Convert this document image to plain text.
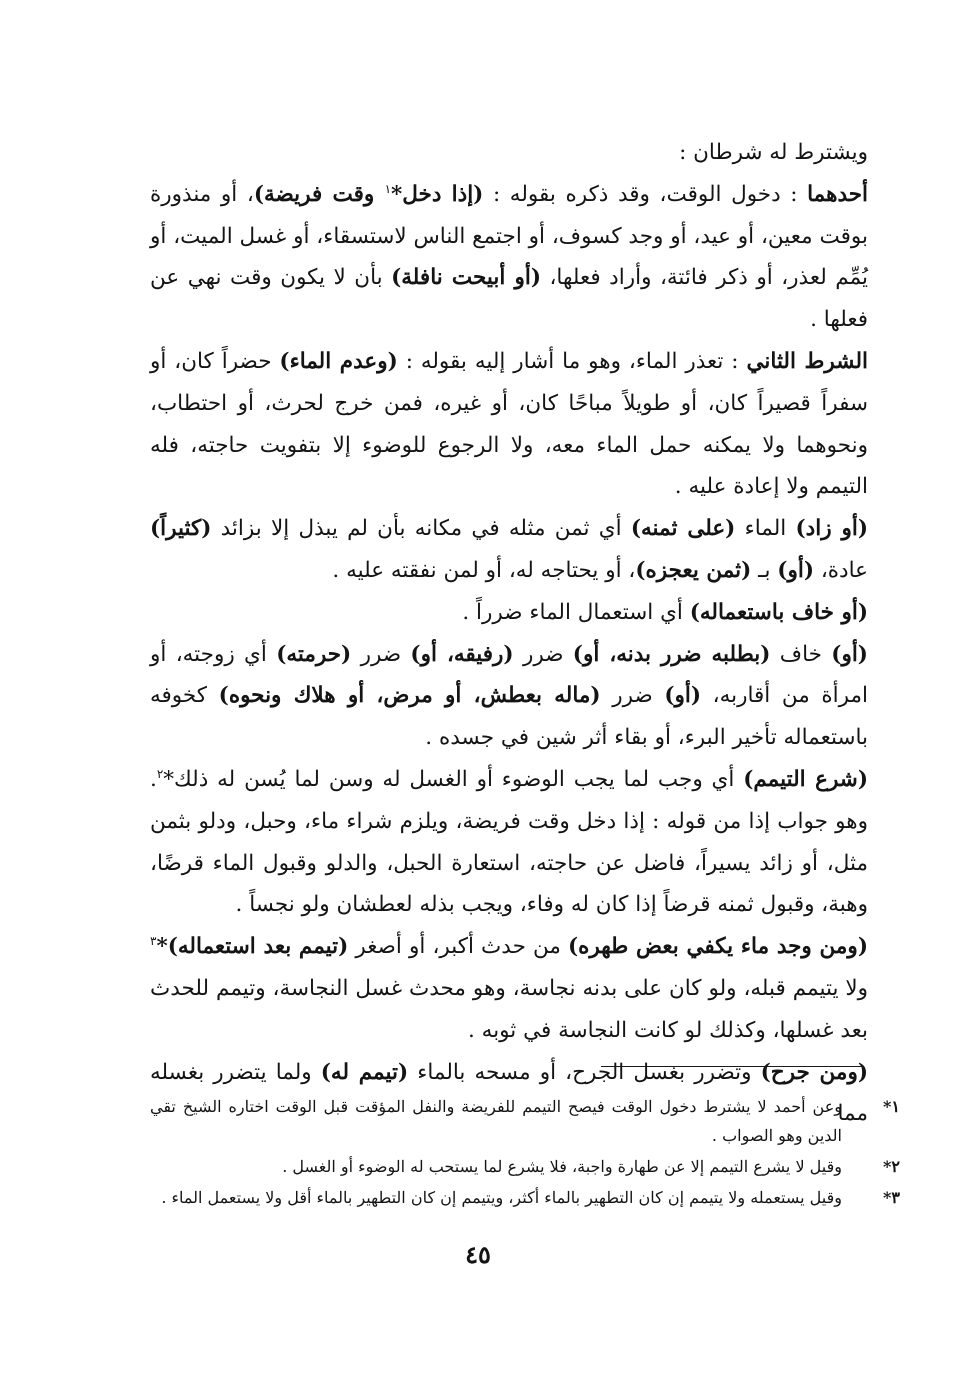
ويشترط له شرطان :

أحدهما : دخول الوقت، وقد ذكره بقوله : (إذا دخل*$^١$ وقت فريضة)، أو منذورة بوقت معين، أو عيد، أو وجد كسوف، أو اجتمع الناس لاستسقاء، أو غسل الميت، أو يُمِّم لعذر، أو ذكر فائتة، وأراد فعلها، (أو أبيحت نافلة) بأن لا يكون وقت نهي عن فعلها .

الشرط الثاني : تعذر الماء، وهو ما أشار إليه بقوله : (وعدم الماء) حضراً كان، أو سفراً قصيراً كان، أو طويلاً مباحًا كان، أو غيره، فمن خرج لحرث، أو احتطاب، ونحوهما ولا يمكنه حمل الماء معه، ولا الرجوع للوضوء إلا بتفويت حاجته، فله التيمم ولا إعادة عليه .

(أو زاد) الماء (على ثمنه) أي ثمن مثله في مكانه بأن لم يبذل إلا بزائد (كثيراً) عادة، (أو) بـ (ثمن يعجزه)، أو يحتاجه له، أو لمن نفقته عليه .

(أو خاف باستعماله) أي استعمال الماء ضرراً .

(أو) خاف (بطلبه ضرر بدنه، أو) ضرر (رفيقه، أو) ضرر (حرمته) أي زوجته، أو امرأة من أقاربه، (أو) ضرر (ماله بعطش، أو مرض، أو هلاك ونحوه) كخوفه باستعماله تأخير البرء، أو بقاء أثر شين في جسده .

(شرع التيمم) أي وجب لما يجب الوضوء أو الغسل له وسن لما يُسن له ذلك*$^٢$. وهو جواب إذا من قوله : إذا دخل وقت فريضة، ويلزم شراء ماء، وحبل، ودلو بثمن مثل، أو زائد يسيراً، فاضل عن حاجته، استعارة الحبل، والدلو وقبول الماء قرضًا، وهبة، وقبول ثمنه قرضاً إذا كان له وفاء، ويجب بذله لعطشان ولو نجساً .

(ومن وجد ماء يكفي بعض طهره) من حدث أكبر، أو أصغر (تيمم بعد استعماله)*$^٣$ ولا يتيمم قبله، ولو كان على بدنه نجاسة، وهو محدث غسل النجاسة، وتيمم للحدث بعد غسلها، وكذلك لو كانت النجاسة في ثوبه .

(ومن جرح) وتضرر بغسل الجرح، أو مسحه بالماء (تيمم له) ولما يتضرر بغسله مما ١*
وعن أحمد لا يشترط دخول الوقت فيصح التيمم للفريضة والنفل المؤقت قبل الوقت اختاره الشيخ تقي الدين وهو الصواب .
٢*
وقيل لا يشرع التيمم إلا عن طهارة واجبة، فلا يشرع لما يستحب له الوضوء أو الغسل .
٣*
وقيل يستعمله ولا يتيمم إن كان التطهير بالماء أكثر، ويتيمم إن كان التطهير بالماء أقل ولا يستعمل الماء .
٤٥
